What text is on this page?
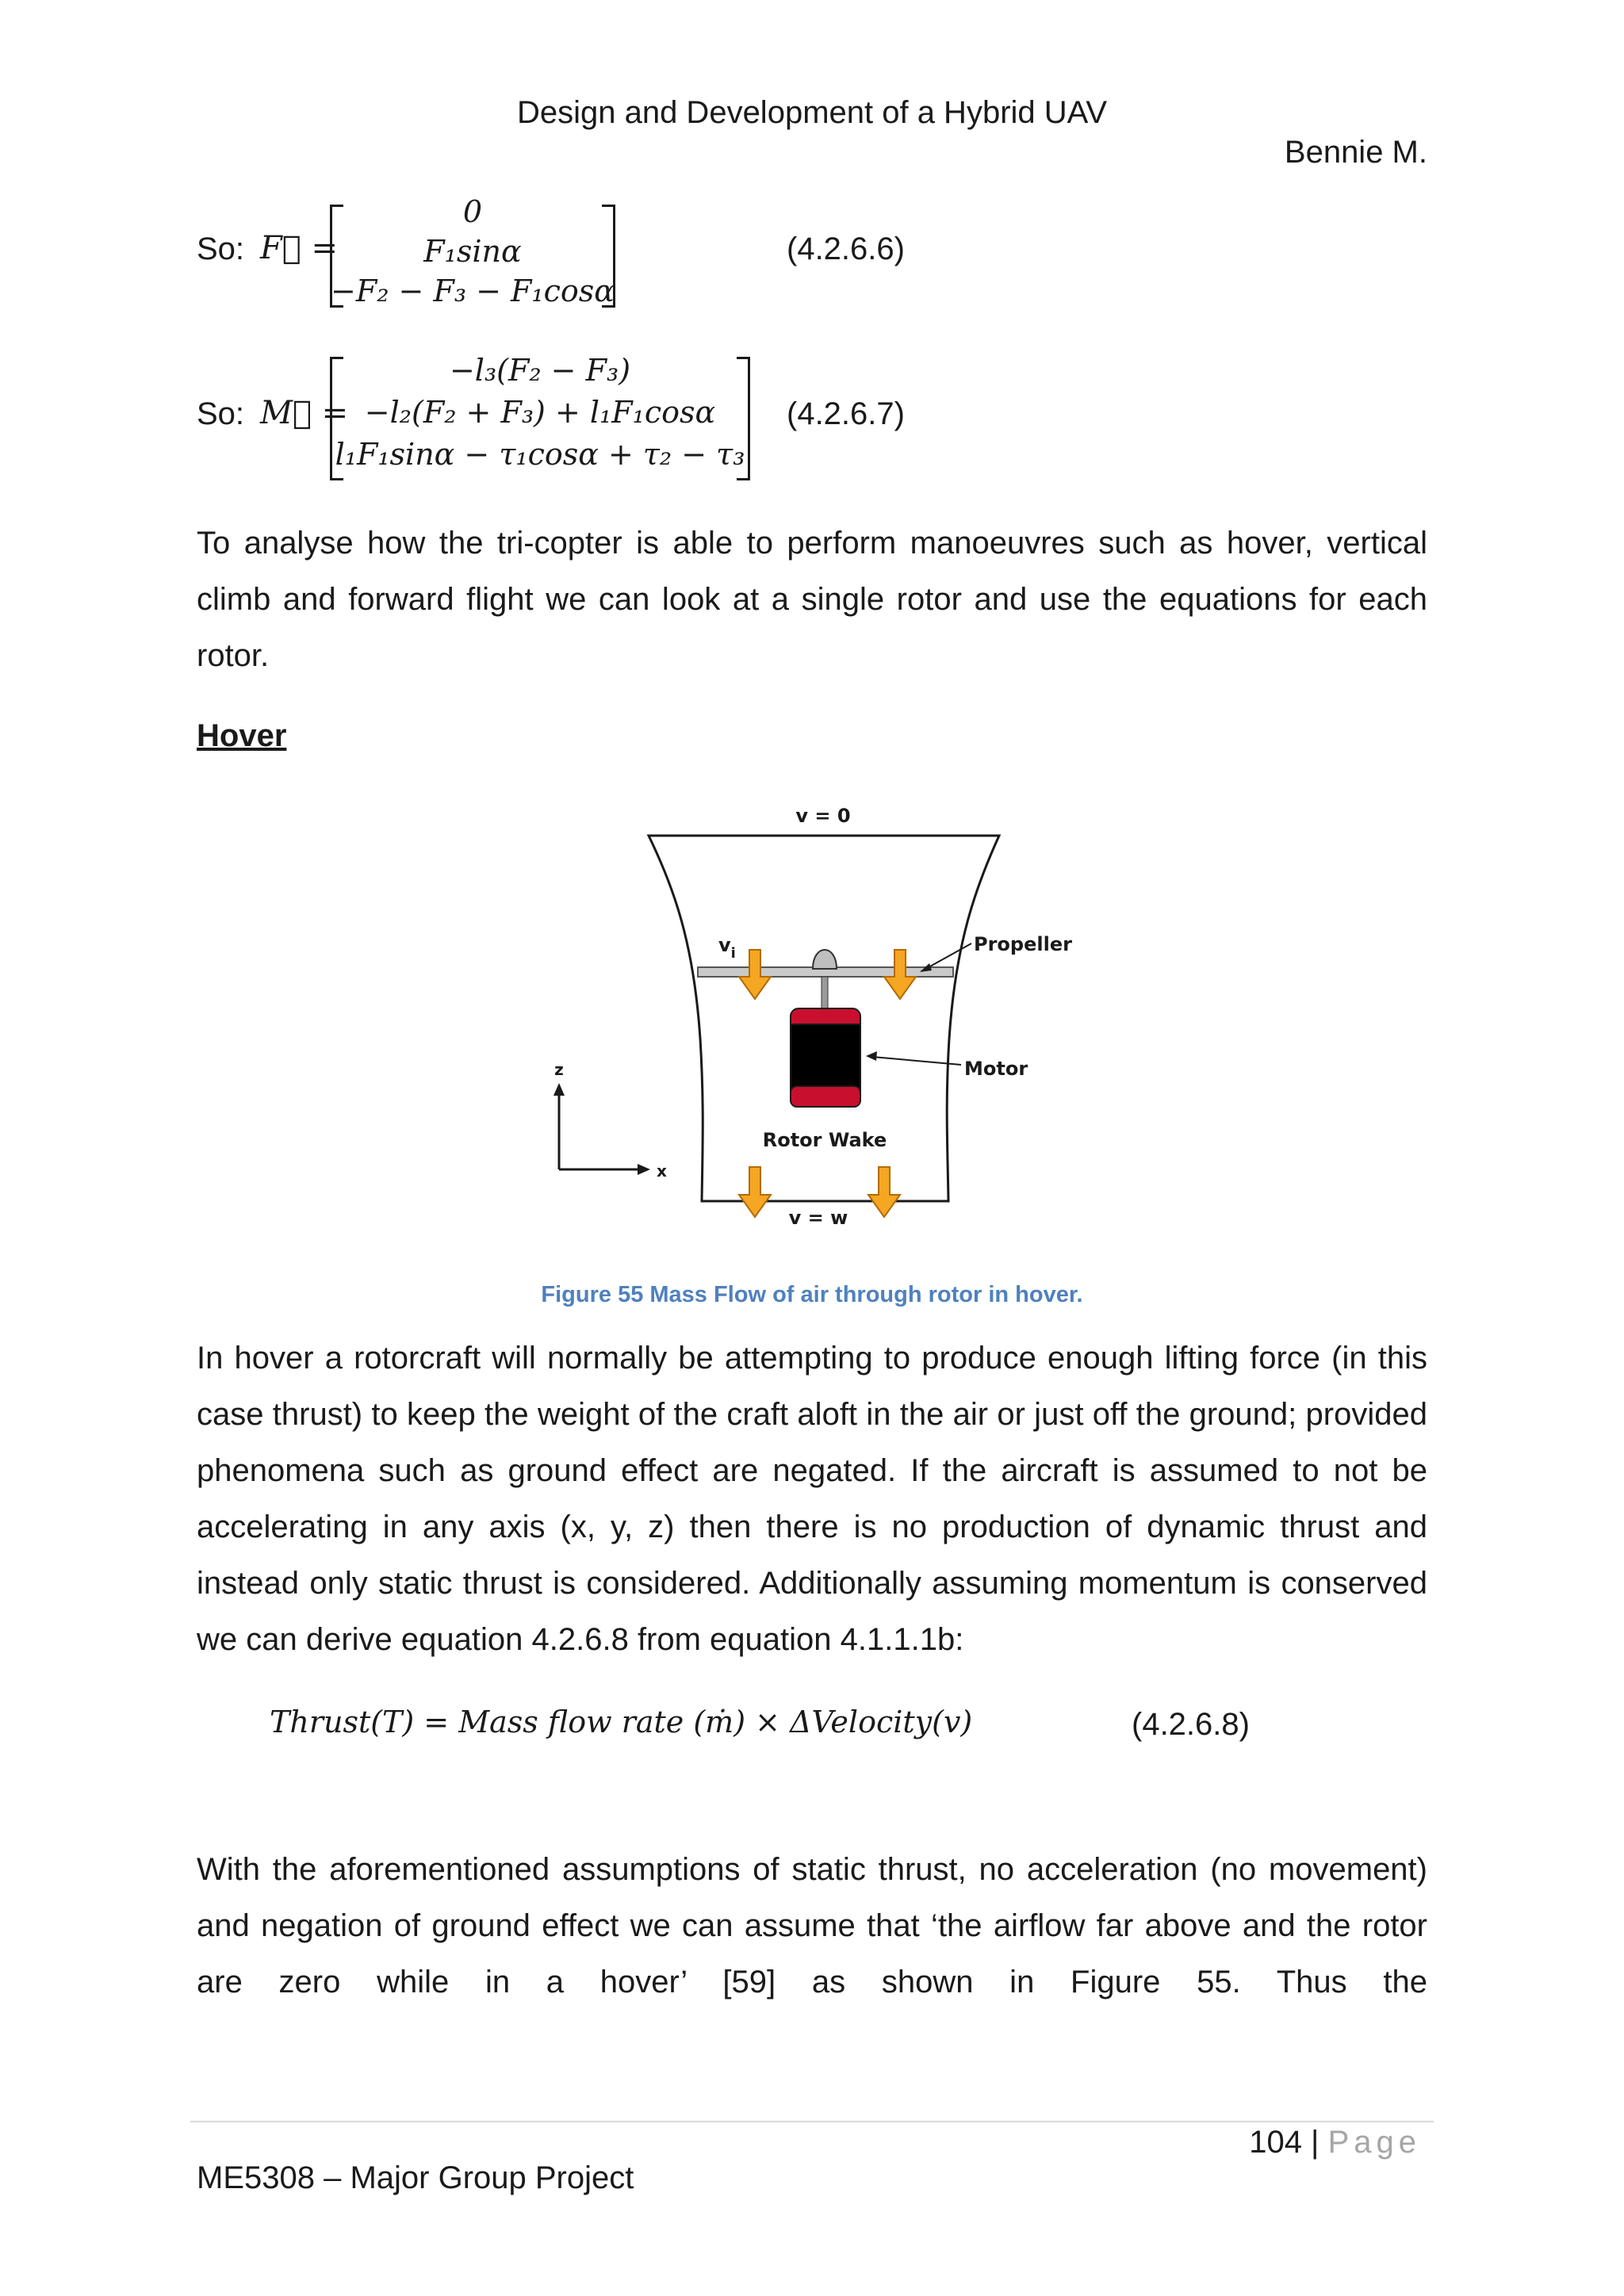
Design and Development of a Hybrid UAV
Bennie M.
So: F⃗ =
0
F₁sinα
−F₂ − F₃ − F₁cosα
(4.2.6.6)
So: M⃗ =
−l₃(F₂ − F₃)
−l₂(F₂ + F₃) + l₁F₁cosα
l₁F₁sinα − τ₁cosα + τ₂ − τ₃
(4.2.6.7)

To analyse how the tri-copter is able to perform manoeuvres such as hover, vertical climb and forward flight we can look at a single rotor and use the equations for each rotor.

Hover
v = 0
$v_i$	Propeller
Motor
Rotor Wake
v = w
z
x
Figure 55 Mass Flow of air through rotor in hover.

In hover a rotorcraft will normally be attempting to produce enough lifting force (in this case thrust) to keep the weight of the craft aloft in the air or just off the ground; provided phenomena such as ground effect are negated. If the aircraft is assumed to not be accelerating in any axis (x, y, z) then there is no production of dynamic thrust and instead only static thrust is considered. Additionally assuming momentum is conserved we can derive equation 4.2.6.8 from equation 4.1.1.1b:

Thrust(T) = Mass flow rate (ṁ) × ΔVelocity(v)	(4.2.6.8)

With the aforementioned assumptions of static thrust, no acceleration (no movement) and negation of ground effect we can assume that ‘the airflow far above and the rotor are zero while in a hover’ [59] as shown in Figure 55. Thus the

104 | Page
ME5308 – Major Group Project
